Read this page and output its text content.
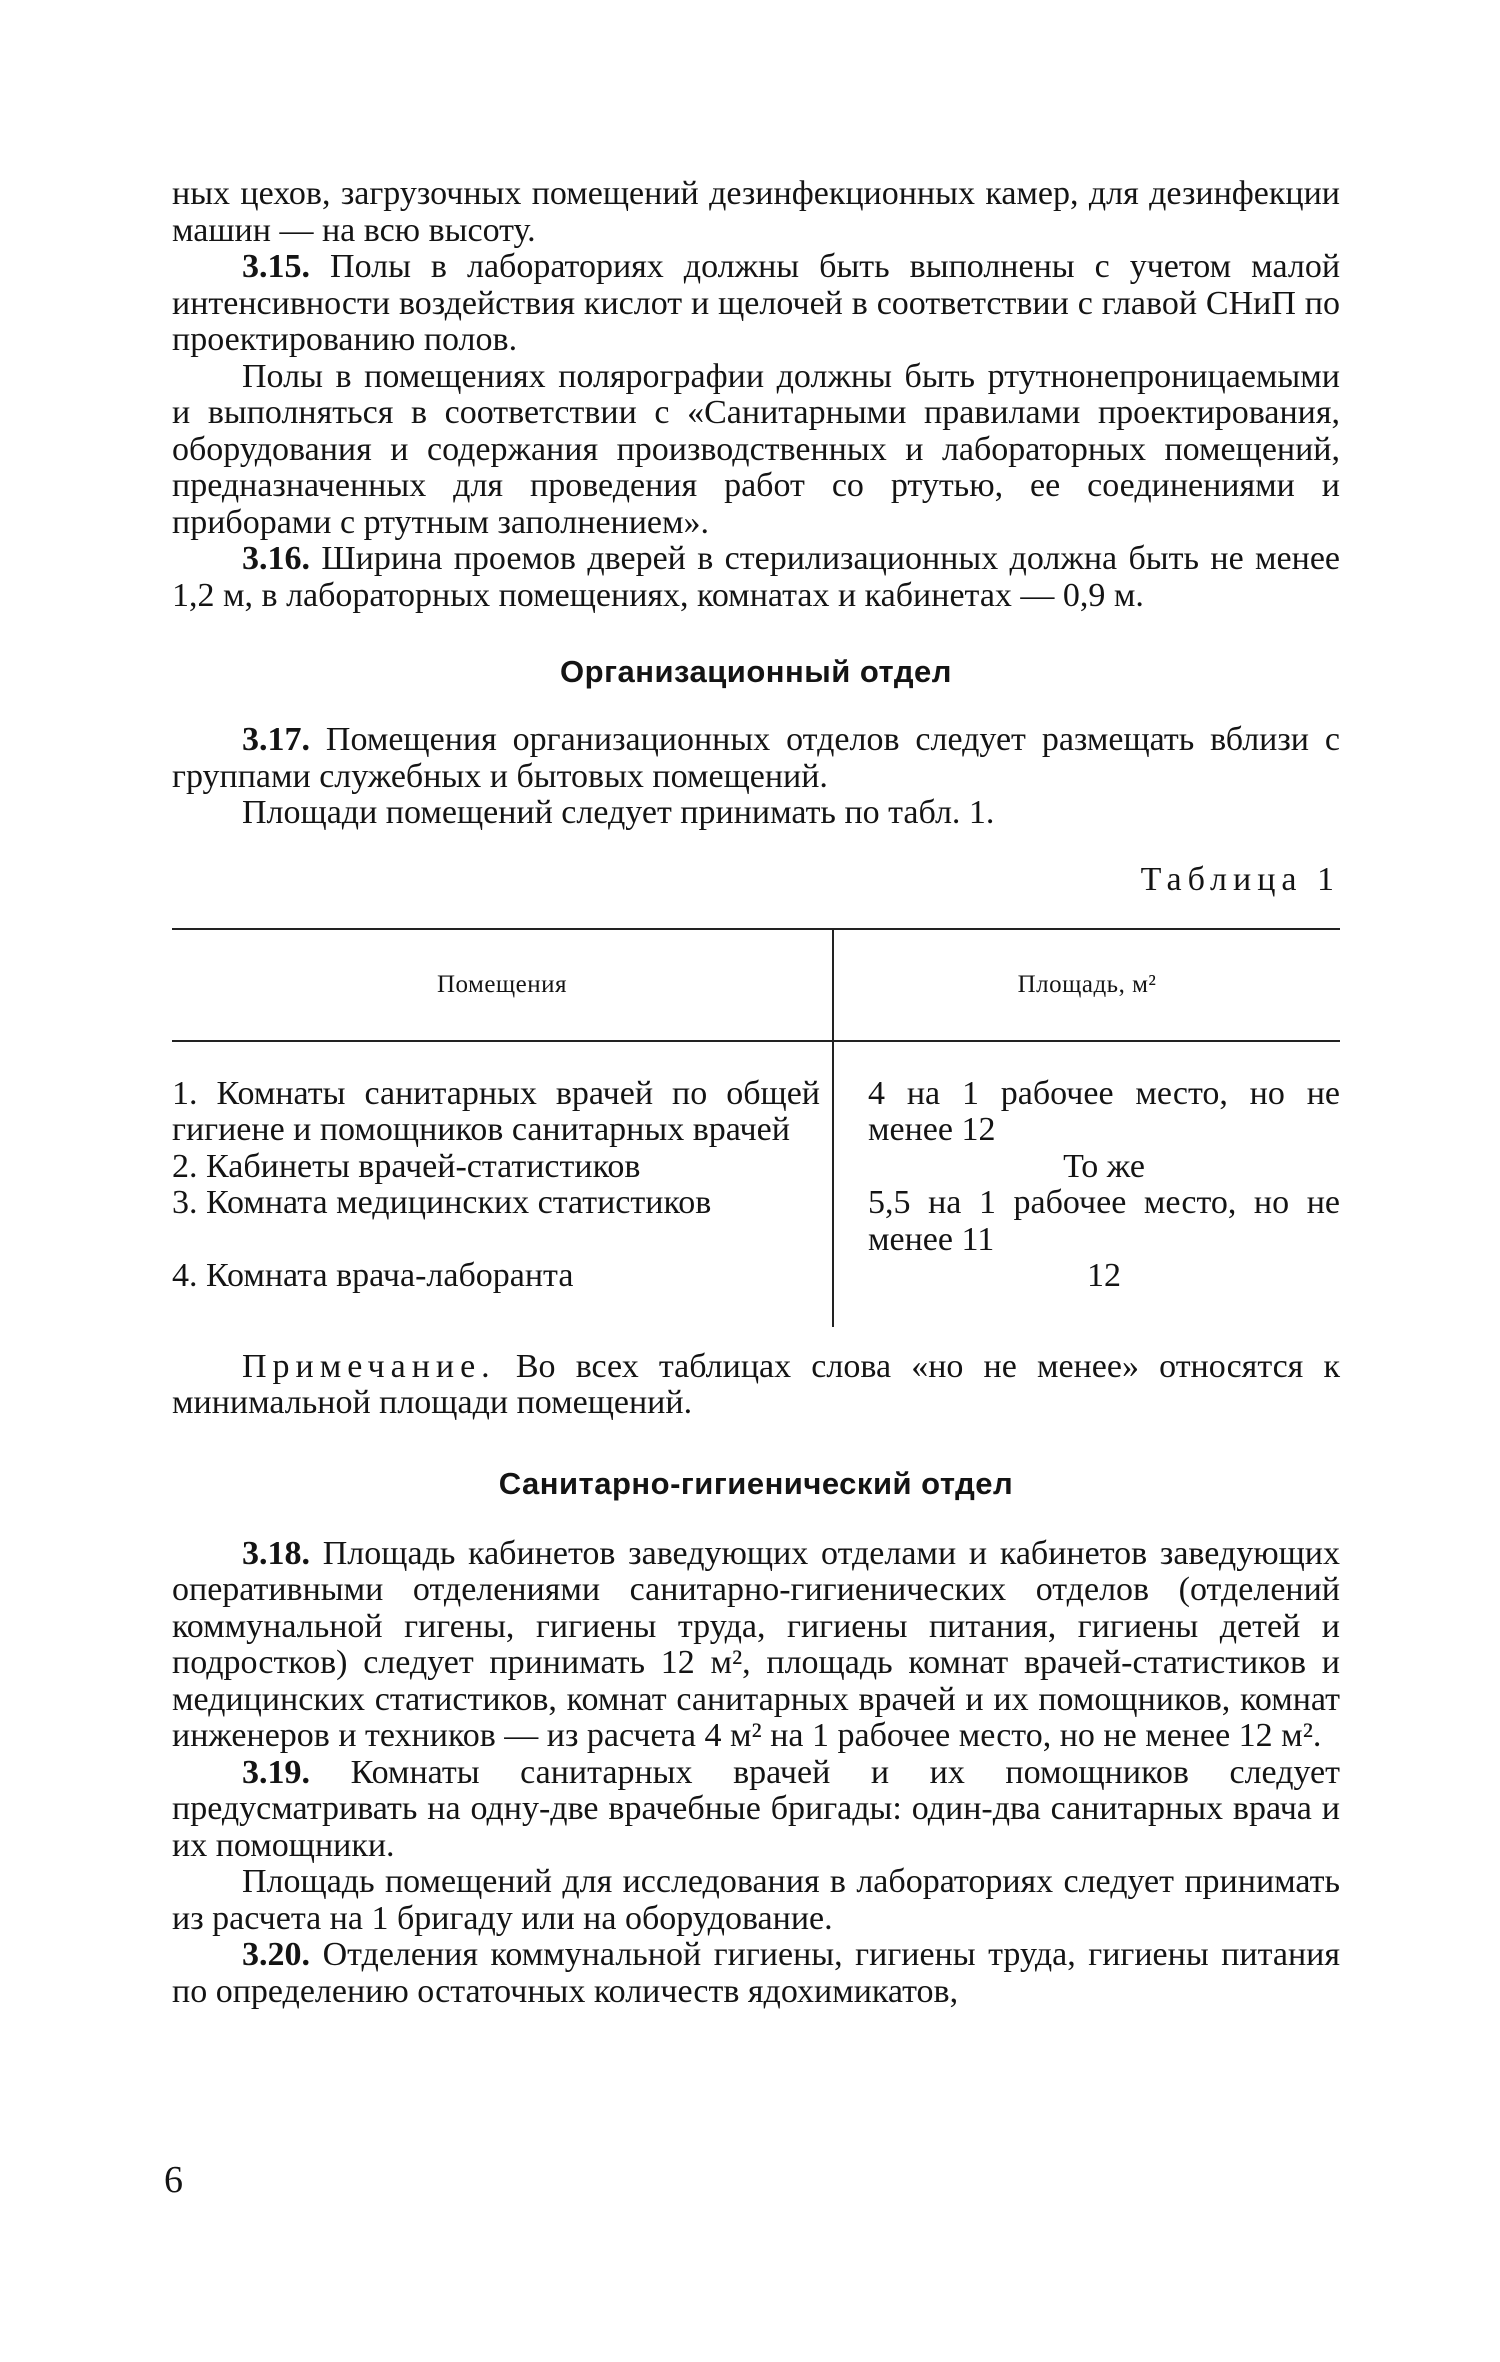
ных цехов, загрузочных помещений дезинфекционных камер, для дезинфекции машин — на всю высоту.

3.15. Полы в лабораториях должны быть выполнены с учетом малой интенсивности воздействия кислот и щелочей в соответствии с главой СНиП по проектированию полов.

Полы в помещениях полярографии должны быть ртутнонепроницаемыми и выполняться в соответствии с «Санитарными правилами проектирования, оборудования и содержания производственных и лабораторных помещений, предназначенных для проведения работ со ртутью, ее соединениями и приборами с ртутным заполнением».

3.16. Ширина проемов дверей в стерилизационных должна быть не менее 1,2 м, в лабораторных помещениях, комнатах и кабинетах — 0,9 м.

Организационный отдел

3.17. Помещения организационных отделов следует размещать вблизи с группами служебных и бытовых помещений.

Площади помещений следует принимать по табл. 1.

Таблица 1
Помещения	Площадь, м²
1. Комнаты санитарных врачей по общей гигиене и помощников санитарных врачей	4 на 1 рабочее место, но не менее 12
2. Кабинеты врачей-статистиков	То же
3. Комната медицинских статистиков	5,5 на 1 рабочее место, но не менее 11
4. Комната врача-лаборанта	12

Примечание. Во всех таблицах слова «но не менее» относятся к минимальной площади помещений.

Санитарно-гигиенический отдел

3.18. Площадь кабинетов заведующих отделами и кабинетов заведующих оперативными отделениями санитарно-гигиенических отделов (отделений коммунальной гигены, гигиены труда, гигиены питания, гигиены детей и подростков) следует принимать 12 м², площадь комнат врачей-статистиков и медицинских статистиков, комнат санитарных врачей и их помощников, комнат инженеров и техников — из расчета 4 м² на 1 рабочее место, но не менее 12 м².

3.19. Комнаты санитарных врачей и их помощников следует предусматривать на одну-две врачебные бригады: один-два санитарных врача и их помощники.

Площадь помещений для исследования в лабораториях следует принимать из расчета на 1 бригаду или на оборудование.

3.20. Отделения коммунальной гигиены, гигиены труда, гигиены питания по определению остаточных количеств ядохимикатов,

6
